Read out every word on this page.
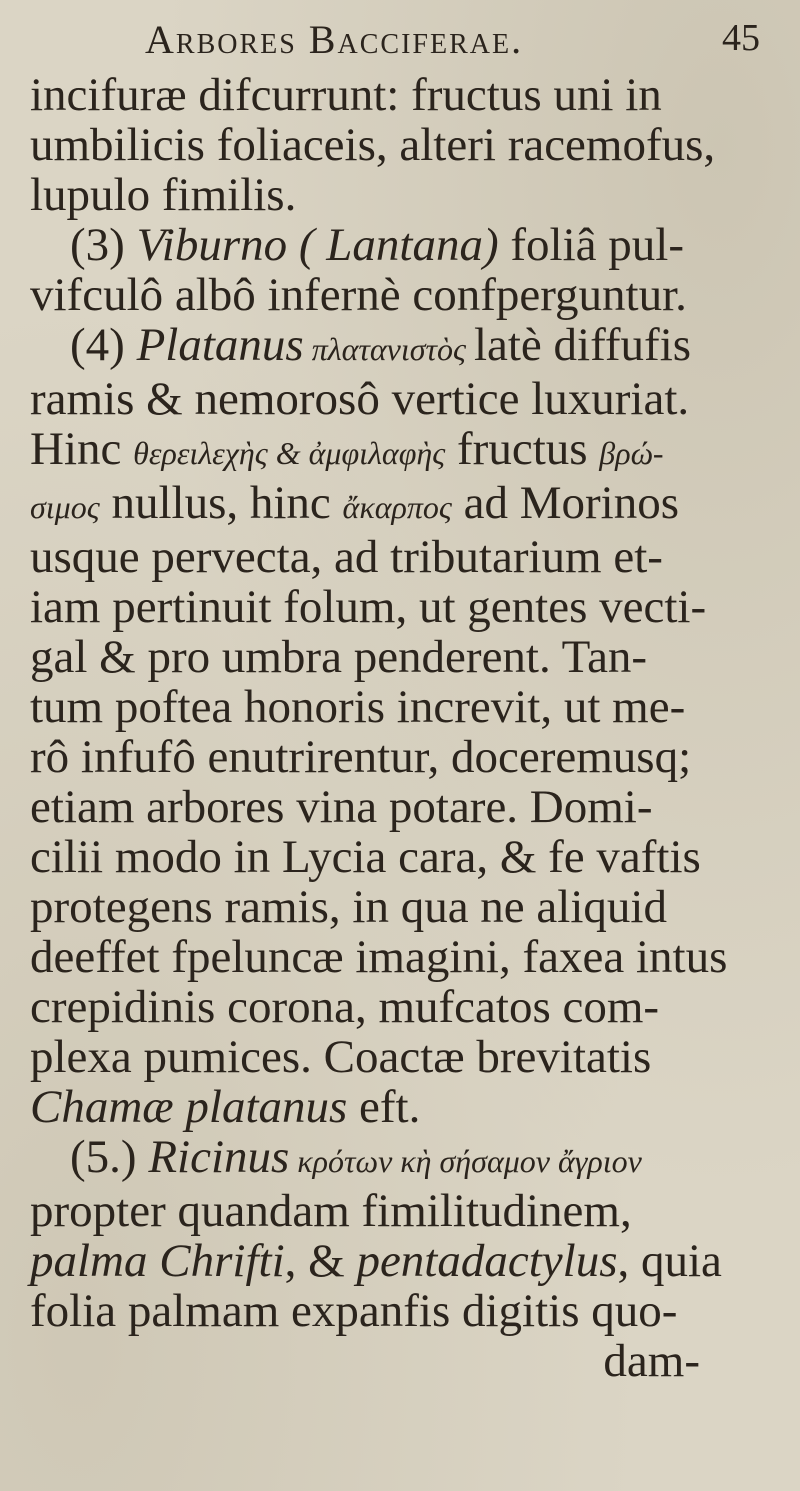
Arbores Bacciferae.	45
incifuræ difcurrunt: fructus uni in
umbilicis foliaceis, alteri racemofus,
lupulo fimilis.
(3) Viburno ( Lantana) foliâ pul-
vifculô albô infernè confperguntur.
(4) Platanus πλατανιστὸς latè diffufis
ramis & nemorosô vertice luxuriat.
Hinc θερειλεχὴς & ἀμφιλαφὴς fructus βρώ-
σιμος nullus, hinc ἄκαρπος ad Morinos
usque pervecta, ad tributarium et-
iam pertinuit folum, ut gentes vecti-
gal & pro umbra penderent. Tan-
tum poftea honoris increvit, ut me-
rô infufô enutrirentur, doceremusq;
etiam arbores vina potare. Domi-
cilii modo in Lycia cara, & fe vaftis
protegens ramis, in qua ne aliquid
deeffet fpeluncæ imagini, faxea intus
crepidinis corona, mufcatos com-
plexa pumices. Coactæ brevitatis
Chamæ platanus eft.
(5.) Ricinus κρότων κὴ σήσαμον ἄγριον
propter quandam fimilitudinem,
palma Chrifti, & pentadactylus, quia
folia palmam expanfis digitis quo-
dam-
